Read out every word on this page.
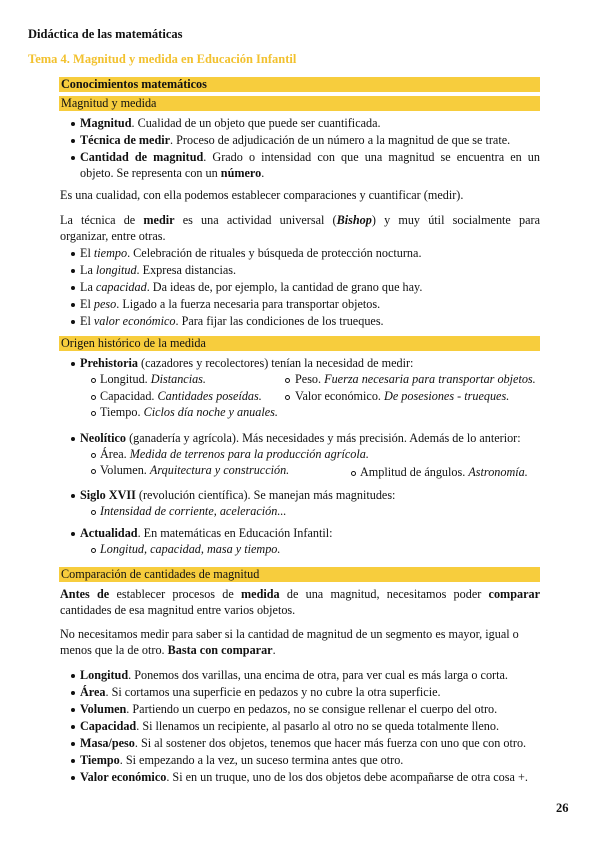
Didáctica de las matemáticas
Tema 4. Magnitud y medida en Educación Infantil
Conocimientos matemáticos
Magnitud y medida
Magnitud. Cualidad de un objeto que puede ser cuantificada.
Técnica de medir. Proceso de adjudicación de un número a la magnitud de que se trate.
Cantidad de magnitud. Grado o intensidad con que una magnitud se encuentra en un
objeto. Se representa con un número.
Es una cualidad, con ella podemos establecer comparaciones y cuantificar (medir).
La técnica de medir es una actividad universal (Bishop) y muy útil socialmente para
organizar, entre otras.
El tiempo. Celebración de rituales y búsqueda de protección nocturna.
La longitud. Expresa distancias.
La capacidad. Da ideas de, por ejemplo, la cantidad de grano que hay.
El peso. Ligado a la fuerza necesaria para transportar objetos.
El valor económico. Para fijar las condiciones de los trueques.
Origen histórico de la medida
Prehistoria (cazadores y recolectores) tenían la necesidad de medir:
Longitud. Distancias.
Capacidad. Cantidades poseídas.
Tiempo. Ciclos día noche y anuales.
Peso. Fuerza necesaria para transportar objetos.
Valor económico. De posesiones - trueques.
Neolítico (ganadería y agrícola). Más necesidades y más precisión. Además de lo anterior:
Área. Medida de terrenos para la producción agrícola.
Volumen. Arquitectura y construcción.	Amplitud de ángulos. Astronomía.
Siglo XVII (revolución científica). Se manejan más magnitudes:
Intensidad de corriente, aceleración...
Actualidad. En matemáticas en Educación Infantil:
Longitud, capacidad, masa y tiempo.
Comparación de cantidades de magnitud
Antes de establecer procesos de medida de una magnitud, necesitamos poder comparar
cantidades de esa magnitud entre varios objetos.
No necesitamos medir para saber si la cantidad de magnitud de un segmento es mayor, igual o
menos que la de otro. Basta con comparar.
Longitud. Ponemos dos varillas, una encima de otra, para ver cual es más larga o corta.
Área. Si cortamos una superficie en pedazos y no cubre la otra superficie.
Volumen. Partiendo un cuerpo en pedazos, no se consigue rellenar el cuerpo del otro.
Capacidad. Si llenamos un recipiente, al pasarlo al otro no se queda totalmente lleno.
Masa/peso. Si al sostener dos objetos, tenemos que hacer más fuerza con uno que con otro.
Tiempo. Si empezando a la vez, un suceso termina antes que otro.
Valor económico. Si en un truque, uno de los dos objetos debe acompañarse de otra cosa +.
26
